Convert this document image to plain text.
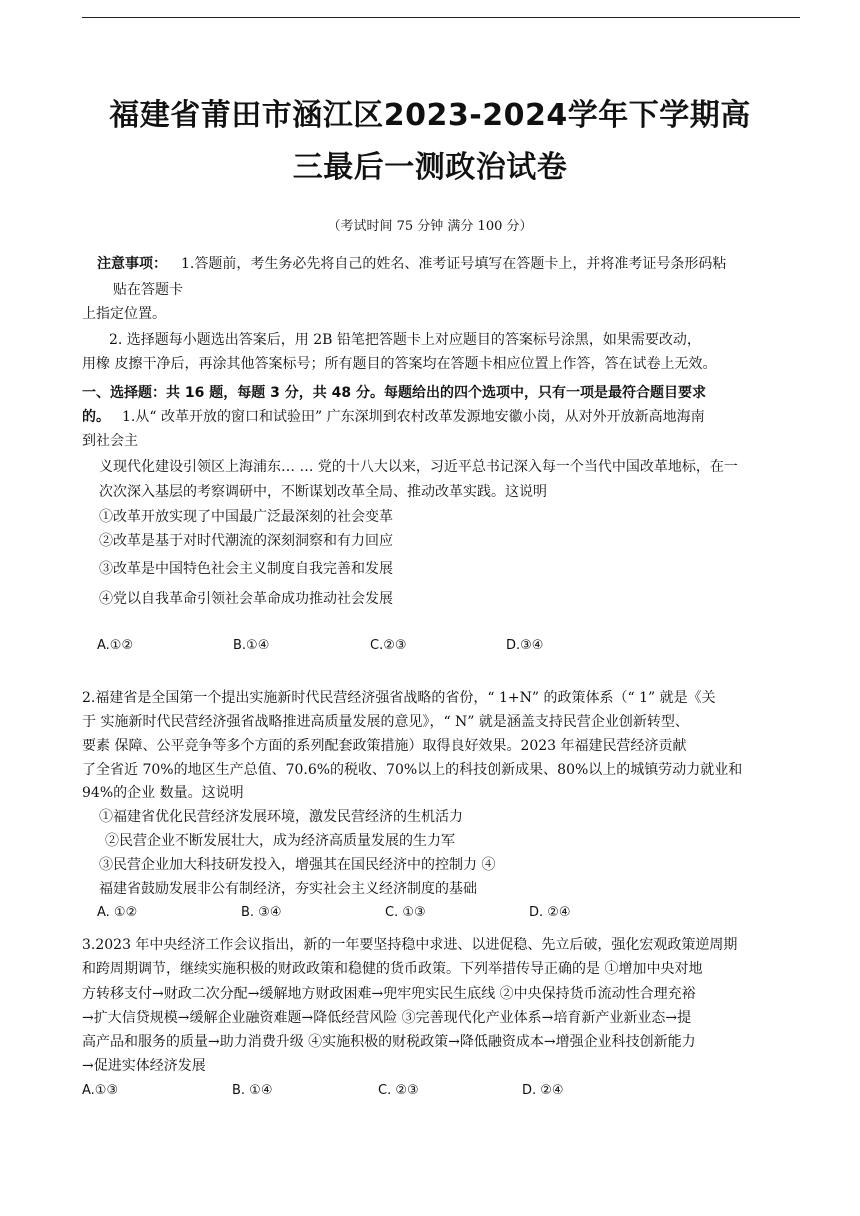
福建省莆田市涵江区2023-2024学年下学期高
三最后一测政治试卷
（考试时间 75 分钟 满分 100 分）
注意事项： 1.答题前，考生务必先将自己的姓名、准考证号填写在答题卡上，并将准考证号条形码粘
贴在答题卡
上指定位置。
2. 选择题每小题选出答案后，用 2B 铅笔把答题卡上对应题目的答案标号涂黑，如果需要改动，
用橡 皮擦干净后，再涂其他答案标号；所有题目的答案均在答题卡相应位置上作答，答在试卷上无效。
一、选择题：共 16 题，每题 3 分，共 48 分。每题给出的四个选项中，只有一项是最符合题目要求
的。 1.从“ 改革开放的窗口和试验田” 广东深圳到农村改革发源地安徽小岗，从对外开放新高地海南
到社会主
义现代化建设引领区上海浦东… … 党的十八大以来，习近平总书记深入每一个当代中国改革地标，在一
次次深入基层的考察调研中，不断谋划改革全局、推动改革实践。这说明
①改革开放实现了中国最广泛最深刻的社会变革
②改革是基于对时代潮流的深刻洞察和有力回应
③改革是中国特色社会主义制度自我完善和发展
④党以自我革命引领社会革命成功推动社会发展
A.①②	B.①④	C.②③	D.③④
2.福建省是全国第一个提出实施新时代民营经济强省战略的省份，“ 1+N” 的政策体系（“ 1” 就是《关
于 实施新时代民营经济强省战略推进高质量发展的意见》，“ N” 就是涵盖支持民营企业创新转型、
要素 保障、公平竞争等多个方面的系列配套政策措施）取得良好效果。2023 年福建民营经济贡献
了全省近 70%的地区生产总值、70.6%的税收、70%以上的科技创新成果、80%以上的城镇劳动力就业和
94%的企业 数量。这说明
①福建省优化民营经济发展环境，激发民营经济的生机活力
②民营企业不断发展壮大，成为经济高质量发展的生力军
③民营企业加大科技研发投入，增强其在国民经济中的控制力 ④
福建省鼓励发展非公有制经济，夯实社会主义经济制度的基础
A. ①②	B. ③④	C. ①③	D. ②④
3.2023 年中央经济工作会议指出，新的一年要坚持稳中求进、以进促稳、先立后破，强化宏观政策逆周期
和跨周期调节，继续实施积极的财政政策和稳健的货币政策。下列举措传导正确的是 ①增加中央对地
方转移支付→财政二次分配→缓解地方财政困难→兜牢兜实民生底线 ②中央保持货币流动性合理充裕
→扩大信贷规模→缓解企业融资难题→降低经营风险 ③完善现代化产业体系→培育新产业新业态→提
高产品和服务的质量→助力消费升级 ④实施积极的财税政策→降低融资成本→增强企业科技创新能力
→促进实体经济发展
A.①③	B. ①④	C. ②③	D. ②④
